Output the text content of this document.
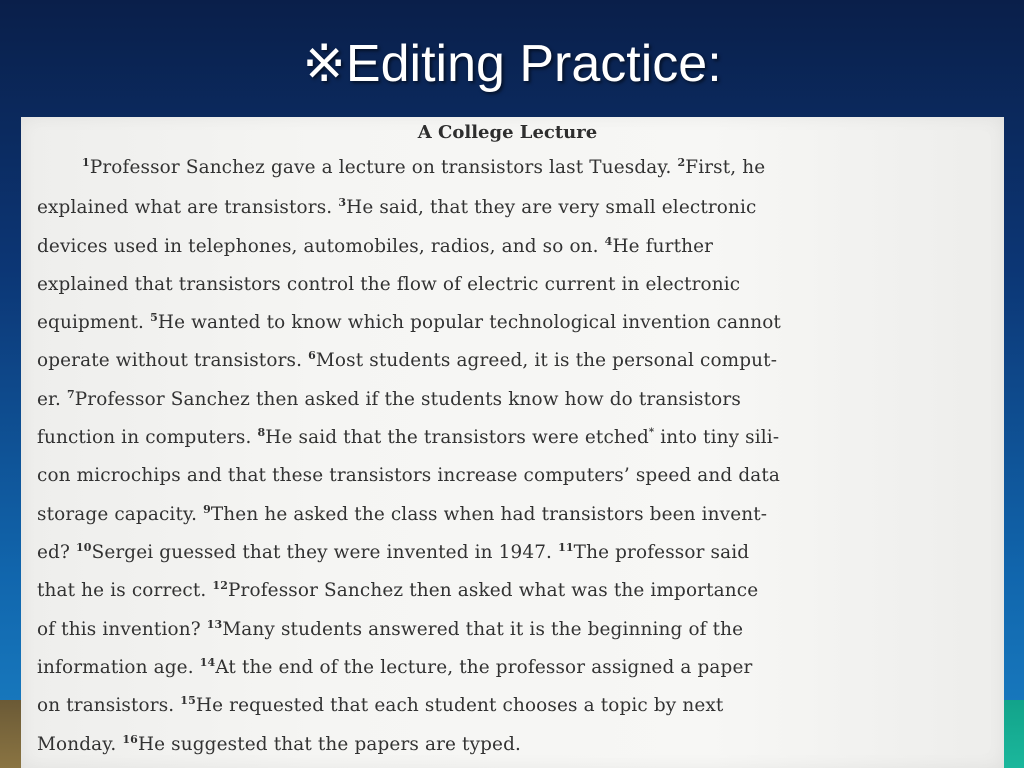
※Editing Practice:
A College Lecture
$^1$Professor Sanchez gave a lecture on transistors last Tuesday. $^2$First, he
explained what are transistors. $^3$He said, that they are very small electronic
devices used in telephones, automobiles, radios, and so on. $^4$He further
explained that transistors control the flow of electric current in electronic
equipment. $^5$He wanted to know which popular technological invention cannot
operate without transistors. $^6$Most students agreed, it is the personal comput-
er. $^7$Professor Sanchez then asked if the students know how do transistors
function in computers. $^8$He said that the transistors were etched* into tiny sili-
con microchips and that these transistors increase computers’ speed and data
storage capacity. $^9$Then he asked the class when had transistors been invent-
ed? $^{10}$Sergei guessed that they were invented in 1947. $^{11}$The professor said
that he is correct. $^{12}$Professor Sanchez then asked what was the importance
of this invention? $^{13}$Many students answered that it is the beginning of the
information age. $^{14}$At the end of the lecture, the professor assigned a paper
on transistors. $^{15}$He requested that each student chooses a topic by next
Monday. $^{16}$He suggested that the papers are typed.
